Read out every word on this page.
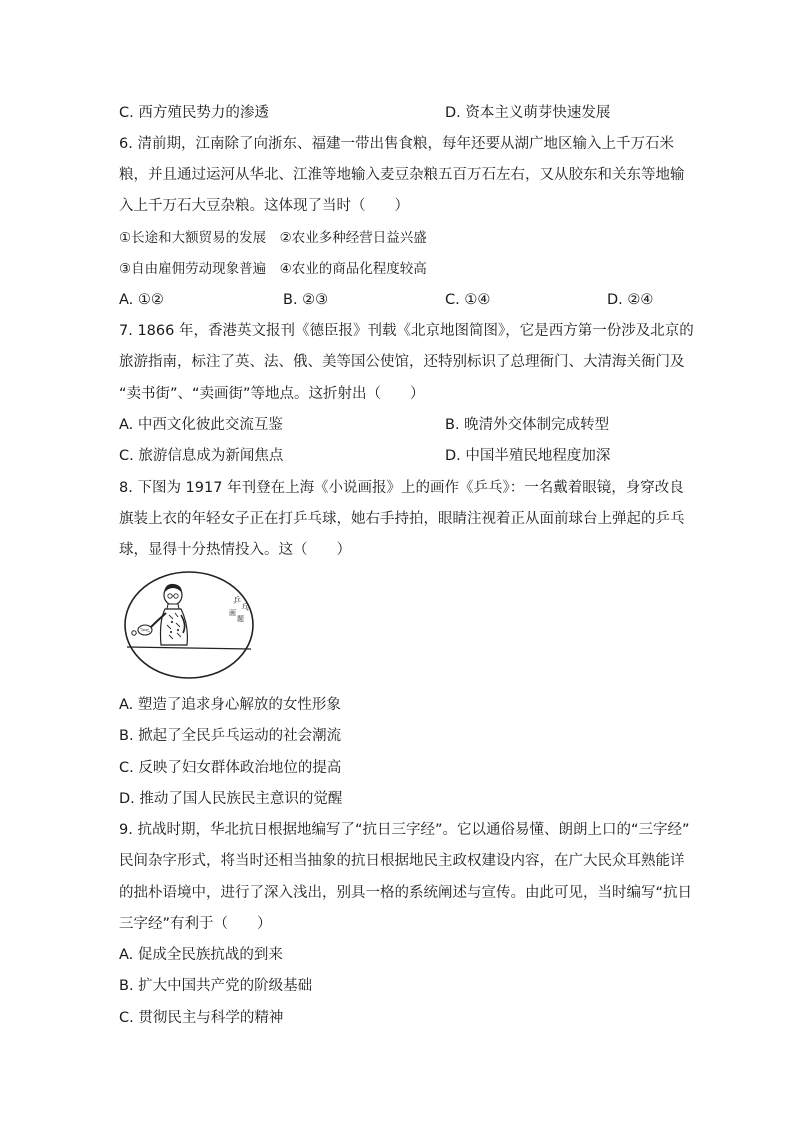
C. 西方殖民势力的渗透	D. 资本主义萌芽快速发展
6. 清前期，江南除了向浙东、福建一带出售食粮，每年还要从湖广地区输入上千万石米
粮，并且通过运河从华北、江淮等地输入麦豆杂粮五百万石左右，又从胶东和关东等地输
入上千万石大豆杂粮。这体现了当时（　　）
①长途和大额贸易的发展　②农业多种经营日益兴盛
③自由雇佣劳动现象普遍　④农业的商品化程度较高
A. ①②	B. ②③	C. ①④	D. ②④
7. 1866 年，香港英文报刊《德臣报》刊载《北京地图简图》，它是西方第一份涉及北京的
旅游指南，标注了英、法、俄、美等国公使馆，还特别标识了总理衙门、大清海关衙门及
“卖书街”、“卖画街”等地点。这折射出（　　）
A. 中西文化彼此交流互鉴	B. 晚清外交体制完成转型
C. 旅游信息成为新闻焦点	D. 中国半殖民地程度加深
8. 下图为 1917 年刊登在上海《小说画报》上的画作《乒乓》：一名戴着眼镜，身穿改良
旗装上衣的年轻女子正在打乒乓球，她右手持拍，眼睛注视着正从面前球台上弹起的乒乓
球，显得十分热情投入。这（　　）
乒
乓
画
题
A. 塑造了追求身心解放的女性形象
B. 掀起了全民乒乓运动的社会潮流
C. 反映了妇女群体政治地位的提高
D. 推动了国人民族民主意识的觉醒
9. 抗战时期，华北抗日根据地编写了“抗日三字经”。它以通俗易懂、朗朗上口的“三字经”
民间杂字形式，将当时还相当抽象的抗日根据地民主政权建设内容，在广大民众耳熟能详
的拙朴语境中，进行了深入浅出，别具一格的系统阐述与宣传。由此可见，当时编写“抗日
三字经”有利于（　　）
A. 促成全民族抗战的到来
B. 扩大中国共产党的阶级基础
C. 贯彻民主与科学的精神
